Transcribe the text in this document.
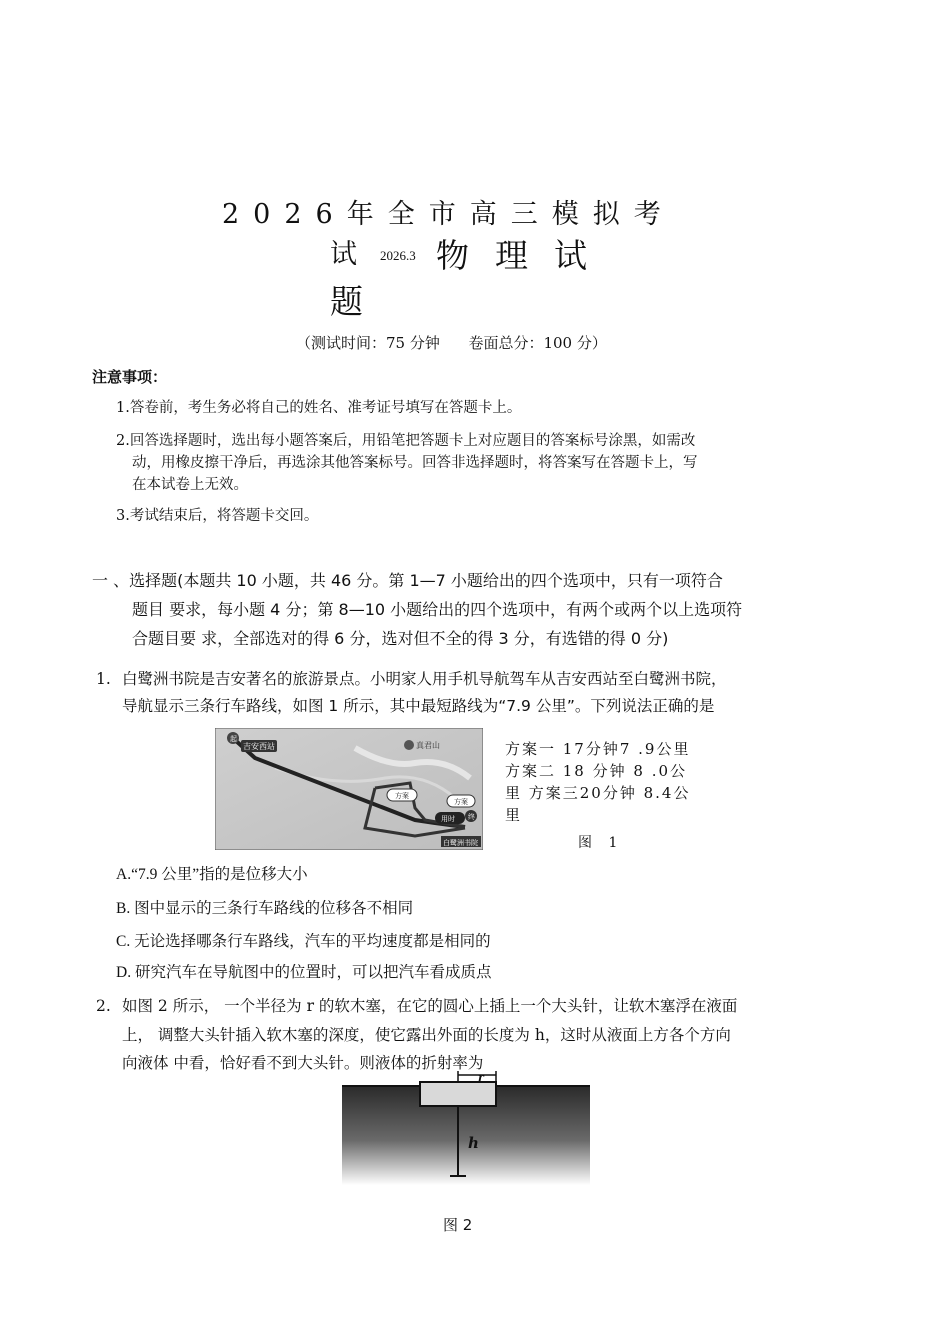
2026年全市高三模拟考
试 2026.3 物理试
题
（测试时间：75 分钟      卷面总分：100 分）
注意事项：
1.答卷前，考生务必将自己的姓名、准考证号填写在答题卡上。
2.回答选择题时，选出每小题答案后，用铅笔把答题卡上对应题目的答案标号涂黑，如需改
动，用橡皮擦干净后，再选涂其他答案标号。回答非选择题时，将答案写在答题卡上，写
在本试卷上无效。
3.考试结束后，将答题卡交回。
一 、选择题(本题共 10 小题，共 46 分。第 1—7 小题给出的四个选项中，只有一项符合
题目 要求，每小题 4 分；第 8—10 小题给出的四个选项中，有两个或两个以上选项符
合题目要 求，全部选对的得 6 分，选对但不全的得 3 分，有选错的得 0 分)
1. 白鹭洲书院是吉安著名的旅游景点。小明家人用手机导航驾车从吉安西站至白鹭洲书院，
导航显示三条行车路线，如图 1 所示，其中最短路线为“7.9 公里”。下列说法正确的是
起
吉安西站	真君山
方案
方案
用时 终
白鹭洲书院
方案一 17分钟7 .9公里 方案二 18 分钟 8 .0公里 方案三20分钟 8.4公里
图 1
A.“7.9 公里”指的是位移大小
B. 图中显示的三条行车路线的位移各不相同
C. 无论选择哪条行车路线，汽车的平均速度都是相同的
D. 研究汽车在导航图中的位置时，可以把汽车看成质点
2. 如图 2 所示， 一个半径为 r 的软木塞，在它的圆心上插上一个大头针，让软木塞浮在液面
上， 调整大头针插入软木塞的深度，使它露出外面的长度为 h，这时从液面上方各个方向
向液体 中看，恰好看不到大头针。则液体的折射率为
r
h
图 2
